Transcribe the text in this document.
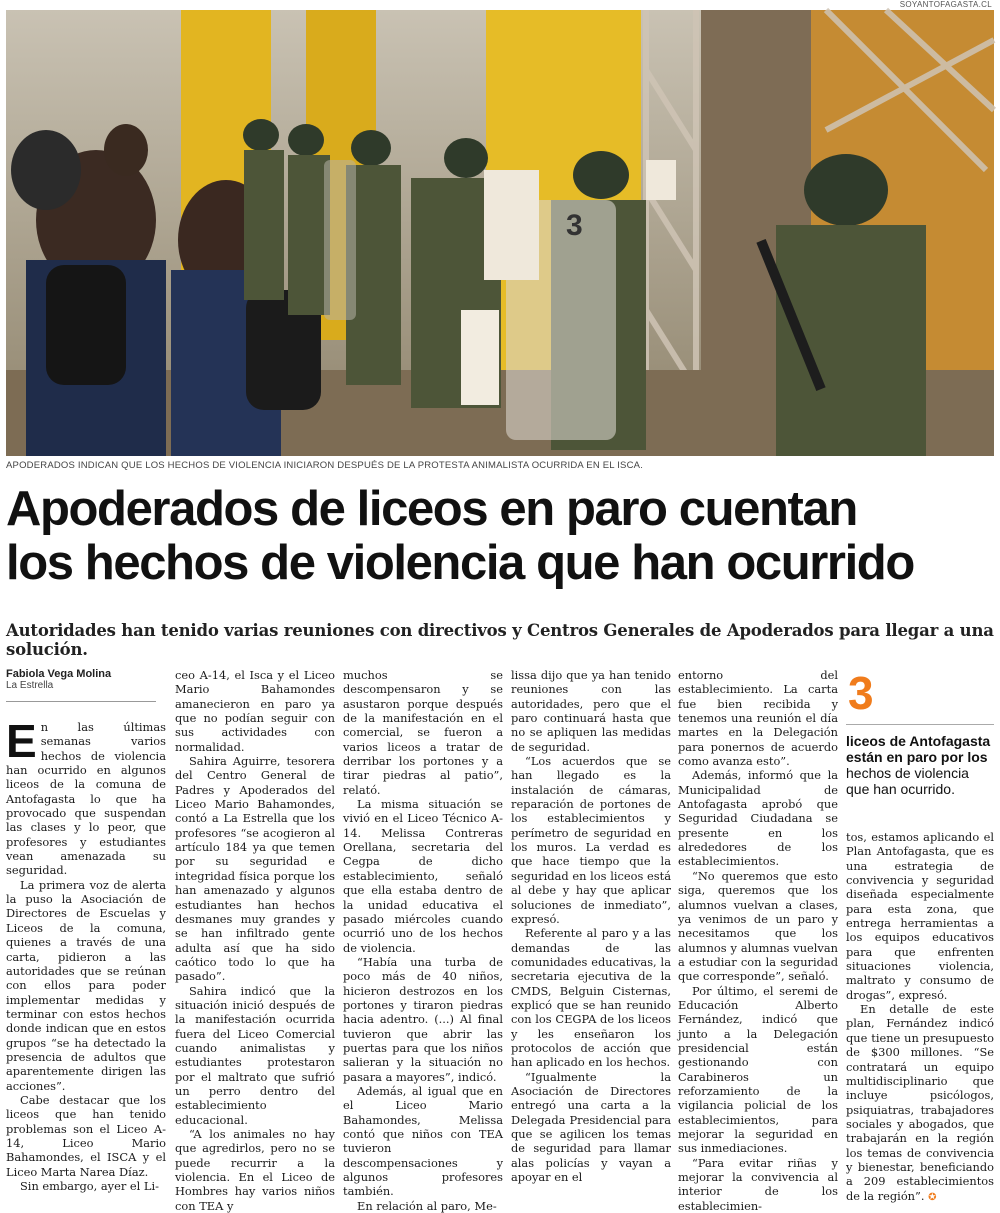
SOYANTOFAGASTA.CL
3
APODERADOS INDICAN QUE LOS HECHOS DE VIOLENCIA INICIARON DESPUÉS DE LA PROTESTA ANIMALISTA OCURRIDA EN EL ISCA.
Apoderados de liceos en paro cuentan
los hechos de violencia que han ocurrido

Autoridades han tenido varias reuniones con directivos y Centros Generales de Apoderados para llegar a una solución.

Fabiola Vega Molina
La Estrella

En las últimas semanas varios hechos de violencia han ocurrido en algunos liceos de la comuna de Antofagasta lo que ha provocado que suspendan las clases y lo peor, que profesores y estudiantes vean amenazada su seguridad.

La primera voz de alerta la puso la Asociación de Directores de Escuelas y Liceos de la comuna, quienes a través de una carta, pidieron a las autoridades que se reúnan con ellos para poder implementar medidas y terminar con estos hechos donde indican que en estos grupos “se ha detectado la presencia de adultos que aparentemente dirigen las acciones”.

Cabe destacar que los liceos que han tenido problemas son el Liceo A-14, Liceo Mario Bahamondes, el ISCA y el Liceo Marta Narea Díaz.

Sin embargo, ayer el Li-

ceo A-14, el Isca y el Liceo Mario Bahamondes amanecieron en paro ya que no podían seguir con sus actividades con normalidad.

Sahira Aguirre, tesorera del Centro General de Padres y Apoderados del Liceo Mario Bahamondes, contó a La Estrella que los profesores “se acogieron al artículo 184 ya que temen por su seguridad e integridad física porque los han amenazado y algunos estudiantes han hechos desmanes muy grandes y se han infiltrado gente adulta así que ha sido caótico todo lo que ha pasado”.

Sahira indicó que la situación inició después de la manifestación ocurrida fuera del Liceo Comercial cuando animalistas y estudiantes protestaron por el maltrato que sufrió un perro dentro del establecimiento educacional.

“A los animales no hay que agredirlos, pero no se puede recurrir a la violencia. En el Liceo de Hombres hay varios niños con TEA y

muchos se descompensaron y se asustaron porque después de la manifestación en el comercial, se fueron a varios liceos a tratar de derribar los portones y a tirar piedras al patio”, relató.

La misma situación se vivió en el Liceo Técnico A-14. Melissa Contreras Orellana, secretaria del Cegpa de dicho establecimiento, señaló que ella estaba dentro de la unidad educativa el pasado miércoles cuando ocurrió uno de los hechos de violencia.

“Había una turba de poco más de 40 niños, hicieron destrozos en los portones y tiraron piedras hacia adentro. (...) Al final tuvieron que abrir las puertas para que los niños salieran y la situación no pasara a mayores”, indicó.

Además, al igual que en el Liceo Mario Bahamondes, Melissa contó que niños con TEA tuvieron descompensaciones y algunos profesores también.

En relación al paro, Me-

lissa dijo que ya han tenido reuniones con las autoridades, pero que el paro continuará hasta que no se apliquen las medidas de seguridad.

“Los acuerdos que se han llegado es la instalación de cámaras, reparación de portones de los establecimientos y perímetro de seguridad en los muros. La verdad es que hace tiempo que la seguridad en los liceos está al debe y hay que aplicar soluciones de inmediato”, expresó.

Referente al paro y a las demandas de las comunidades educativas, la secretaria ejecutiva de la CMDS, Belguin Cisternas, explicó que se han reunido con los CEGPA de los liceos y les enseñaron los protocolos de acción que han aplicado en los hechos.

“Igualmente la Asociación de Directores entregó una carta a la Delegada Presidencial para que se agilicen los temas de seguridad para llamar alas policías y vayan a apoyar en el

entorno del establecimiento. La carta fue bien recibida y tenemos una reunión el día martes en la Delegación para ponernos de acuerdo como avanza esto”.

Además, informó que la Municipalidad de Antofagasta aprobó que Seguridad Ciudadana se presente en los alrededores de los establecimientos.

“No queremos que esto siga, queremos que los alumnos vuelvan a clases, ya venimos de un paro y necesitamos que los alumnos y alumnas vuelvan a estudiar con la seguridad que corresponde”, señaló.

Por último, el seremi de Educación Alberto Fernández, indicó que junto a la Delegación presidencial están gestionando con Carabineros un reforzamiento de la vigilancia policial de los establecimientos, para mejorar la seguridad en sus inmediaciones.

“Para evitar riñas y mejorar la convivencia al interior de los establecimien-

3
liceos de Antofagasta están en paro por los hechos de violencia que han ocurrido.

tos, estamos aplicando el Plan Antofagasta, que es una estrategia de convivencia y seguridad diseñada especialmente para esta zona, que entrega herramientas a los equipos educativos para que enfrenten situaciones violencia, maltrato y consumo de drogas”, expresó.

En detalle de este plan, Fernández indicó que tiene un presupuesto de $300 millones. “Se contratará un equipo multidisciplinario que incluye psicólogos, psiquiatras, trabajadores sociales y abogados, que trabajarán en la región los temas de convivencia y bienestar, beneficiando a 209 establecimientos de la región”. ✪
